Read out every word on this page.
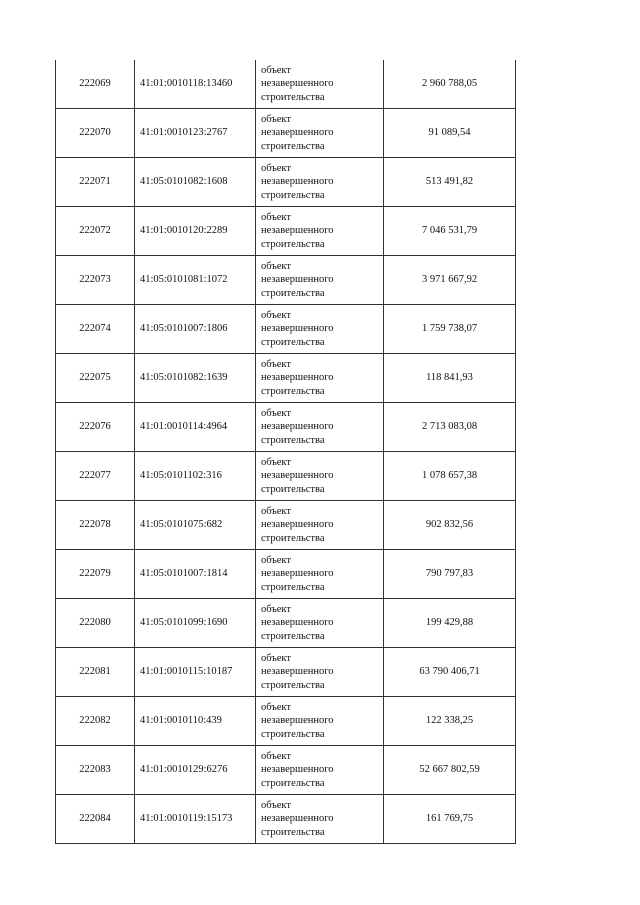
222069	41:01:0010118:13460	объект
незавершенного
строительства	2 960 788,05
222070	41:01:0010123:2767	объект
незавершенного
строительства	91 089,54
222071	41:05:0101082:1608	объект
незавершенного
строительства	513 491,82
222072	41:01:0010120:2289	объект
незавершенного
строительства	7 046 531,79
222073	41:05:0101081:1072	объект
незавершенного
строительства	3 971 667,92
222074	41:05:0101007:1806	объект
незавершенного
строительства	1 759 738,07
222075	41:05:0101082:1639	объект
незавершенного
строительства	118 841,93
222076	41:01:0010114:4964	объект
незавершенного
строительства	2 713 083,08
222077	41:05:0101102:316	объект
незавершенного
строительства	1 078 657,38
222078	41:05:0101075:682	объект
незавершенного
строительства	902 832,56
222079	41:05:0101007:1814	объект
незавершенного
строительства	790 797,83
222080	41:05:0101099:1690	объект
незавершенного
строительства	199 429,88
222081	41:01:0010115:10187	объект
незавершенного
строительства	63 790 406,71
222082	41:01:0010110:439	объект
незавершенного
строительства	122 338,25
222083	41:01:0010129:6276	объект
незавершенного
строительства	52 667 802,59
222084	41:01:0010119:15173	объект
незавершенного
строительства	161 769,75
